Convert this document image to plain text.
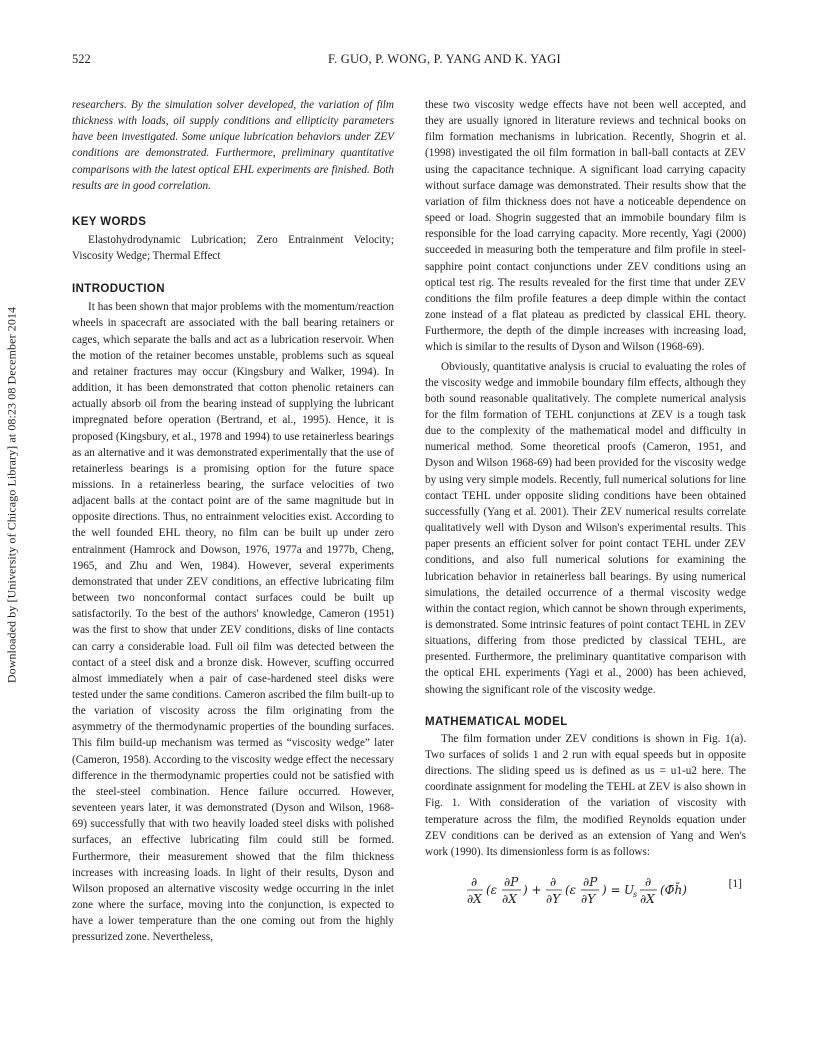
522	F. GUO, P. WONG, P. YANG AND K. YAGI
Downloaded by [University of Chicago Library] at 08:23 08 December 2014

researchers. By the simulation solver developed, the variation of film thickness with loads, oil supply conditions and ellipticity parameters have been investigated. Some unique lubrication behaviors under ZEV conditions are demonstrated. Furthermore, preliminary quantitative comparisons with the latest optical EHL experiments are finished. Both results are in good correlation.

KEY WORDS

Elastohydrodynamic Lubrication; Zero Entrainment Velocity; Viscosity Wedge; Thermal Effect

INTRODUCTION

It has been shown that major problems with the momentum/reaction wheels in spacecraft are associated with the ball bearing retainers or cages, which separate the balls and act as a lubrication reservoir. When the motion of the retainer becomes unstable, problems such as squeal and retainer fractures may occur (Kingsbury and Walker, 1994). In addition, it has been demonstrated that cotton phenolic retainers can actually absorb oil from the bearing instead of supplying the lubricant impregnated before operation (Bertrand, et al., 1995). Hence, it is proposed (Kingsbury, et al., 1978 and 1994) to use retainerless bearings as an alternative and it was demonstrated experimentally that the use of retainerless bearings is a promising option for the future space missions. In a retainerless bearing, the surface velocities of two adjacent balls at the contact point are of the same magnitude but in opposite directions. Thus, no entrainment velocities exist. According to the well founded EHL theory, no film can be built up under zero entrainment (Hamrock and Dowson, 1976, 1977a and 1977b, Cheng, 1965, and Zhu and Wen, 1984). However, several experiments demonstrated that under ZEV conditions, an effective lubricating film between two nonconformal contact surfaces could be built up satisfactorily. To the best of the authors' knowledge, Cameron (1951) was the first to show that under ZEV conditions, disks of line contacts can carry a considerable load. Full oil film was detected between the contact of a steel disk and a bronze disk. However, scuffing occurred almost immediately when a pair of case-hardened steel disks were tested under the same conditions. Cameron ascribed the film built-up to the variation of viscosity across the film originating from the asymmetry of the thermodynamic properties of the bounding surfaces. This film build-up mechanism was termed as “viscosity wedge” later (Cameron, 1958). According to the viscosity wedge effect the necessary difference in the thermodynamic properties could not be satisfied with the steel-steel combination. Hence failure occurred. However, seventeen years later, it was demonstrated (Dyson and Wilson, 1968-69) successfully that with two heavily loaded steel disks with polished surfaces, an effective lubricating film could still be formed. Furthermore, their measurement showed that the film thickness increases with increasing loads. In light of their results, Dyson and Wilson proposed an alternative viscosity wedge occurring in the inlet zone where the surface, moving into the conjunction, is expected to have a lower temperature than the one coming out from the highly pressurized zone. Nevertheless,

these two viscosity wedge effects have not been well accepted, and they are usually ignored in literature reviews and technical books on film formation mechanisms in lubrication. Recently, Shogrin et al. (1998) investigated the oil film formation in ball-ball contacts at ZEV using the capacitance technique. A significant load carrying capacity without surface damage was demonstrated. Their results show that the variation of film thickness does not have a noticeable dependence on speed or load. Shogrin suggested that an immobile boundary film is responsible for the load carrying capacity. More recently, Yagi (2000) succeeded in measuring both the temperature and film profile in steel-sapphire point contact conjunctions under ZEV conditions using an optical test rig. The results revealed for the first time that under ZEV conditions the film profile features a deep dimple within the contact zone instead of a flat plateau as predicted by classical EHL theory. Furthermore, the depth of the dimple increases with increasing load, which is similar to the results of Dyson and Wilson (1968-69).

Obviously, quantitative analysis is crucial to evaluating the roles of the viscosity wedge and immobile boundary film effects, although they both sound reasonable qualitatively. The complete numerical analysis for the film formation of TEHL conjunctions at ZEV is a tough task due to the complexity of the mathematical model and difficulty in numerical method. Some theoretical proofs (Cameron, 1951, and Dyson and Wilson 1968-69) had been provided for the viscosity wedge by using very simple models. Recently, full numerical solutions for line contact TEHL under opposite sliding conditions have been obtained successfully (Yang et al. 2001). Their ZEV numerical results correlate qualitatively well with Dyson and Wilson's experimental results. This paper presents an efficient solver for point contact TEHL under ZEV conditions, and also full numerical solutions for examining the lubrication behavior in retainerless ball bearings. By using numerical simulations, the detailed occurrence of a thermal viscosity wedge within the contact region, which cannot be shown through experiments, is demonstrated. Some intrinsic features of point contact TEHL in ZEV situations, differing from those predicted by classical TEHL, are presented. Furthermore, the preliminary quantitative comparison with the optical EHL experiments (Yagi et al., 2000) has been achieved, showing the significant role of the viscosity wedge.

MATHEMATICAL MODEL

The film formation under ZEV conditions is shown in Fig. 1(a). Two surfaces of solids 1 and 2 run with equal speeds but in opposite directions. The sliding speed us is defined as us = u1-u2 here. The coordinate assignment for modeling the TEHL at ZEV is also shown in Fig. 1. With consideration of the variation of viscosity with temperature across the film, the modified Reynolds equation under ZEV conditions can be derived as an extension of Yang and Wen's work (1990). Its dimensionless form is as follows:

∂
∂X
(ε
∂P
∂X
) +
∂
∂Y
(ε
∂P
∂Y
) = U
s
∂
∂X
(Φ̄h̄)	[1]
